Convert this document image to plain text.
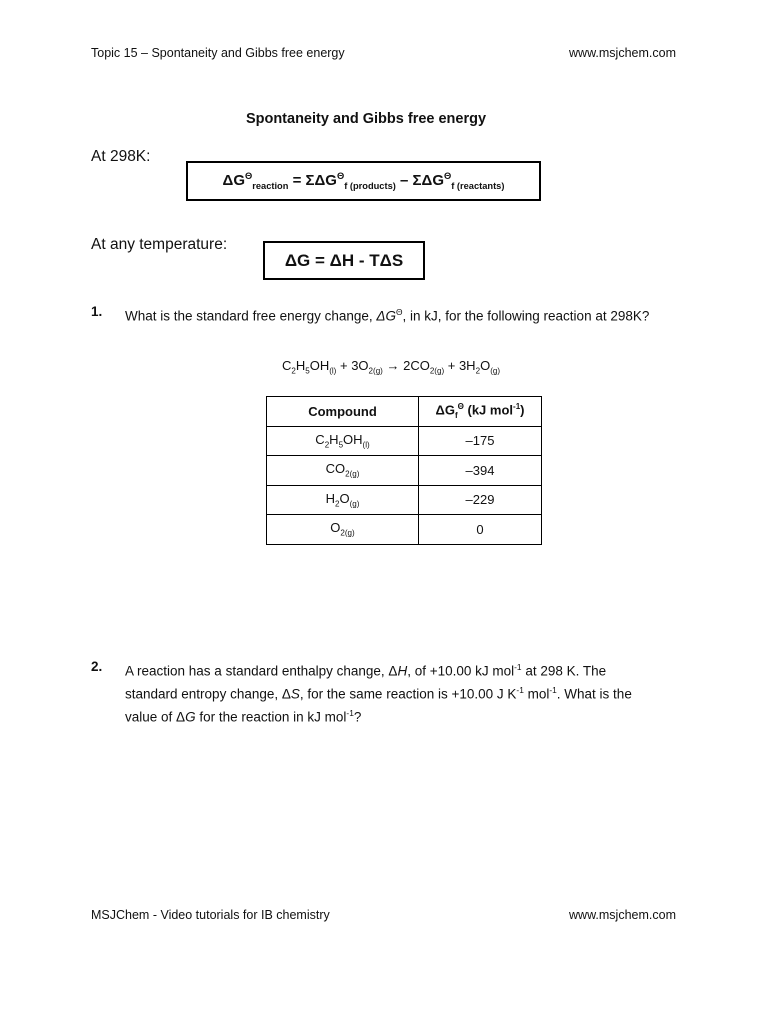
Topic 15 – Spontaneity and Gibbs free energy	www.msjchem.com
Spontaneity and Gibbs free energy
At 298K:
$\Delta G^\Theta_{reaction} = \Sigma\Delta G^\Theta_{f (products)} - \Sigma\Delta G^\Theta_{f (reactants)}$
At any temperature:
ΔG = ΔH - TΔS
1. What is the standard free energy change, $\Delta G^\Theta$, in kJ, for the following reaction at 298K?
$C_2H_5OH_{(l)} + 3O_{2(g)} \to 2CO_{2(g)} + 3H_2O_{(g)}$
Compound	$\Delta G_f^\Theta$ (kJ mol$^{-1}$)
$C_2H_5OH_{(l)}$	–175
$CO_{2(g)}$	–394
$H_2O_{(g)}$	–229
$O_{2(g)}$	0
2. A reaction has a standard enthalpy change, ΔH, of +10.00 kJ mol$^{-1}$ at 298 K. The standard entropy change, ΔS, for the same reaction is +10.00 J $K^{-1}$ mol$^{-1}$. What is the value of ΔG for the reaction in kJ mol$^{-1}$?
MSJChem - Video tutorials for IB chemistry	www.msjchem.com
